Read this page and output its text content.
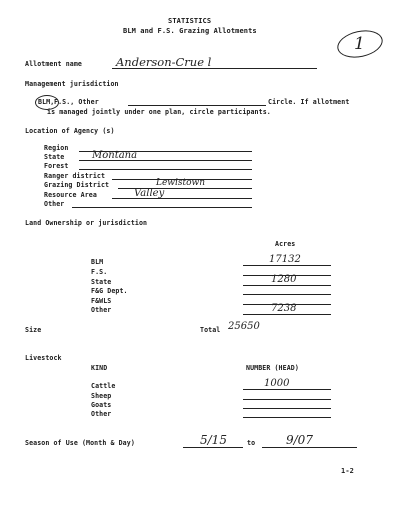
STATISTICS
BLM and F.S. Grazing Allotments
1
Allotment name	Anderson-Crue l
Management jurisdiction
BLM, F.S., Other	Circle. If allotment
is managed jointly under one plan, circle participants.
Location of Agency (s)
Region
State	Montana
Forest
Ranger district
Grazing District	Lewistown
Resource Area	Valley
Other
Land Ownership or jurisdiction
Acres
BLM	17132
F.S.
State	1280
F&G Dept.
F&WLS
Other	7238
Size	Total 25650
Livestock
KIND	NUMBER (HEAD)
Cattle	1000
Sheep
Goats
Other
Season of Use (Month & Day)	5/15	to	9/07
1-2
